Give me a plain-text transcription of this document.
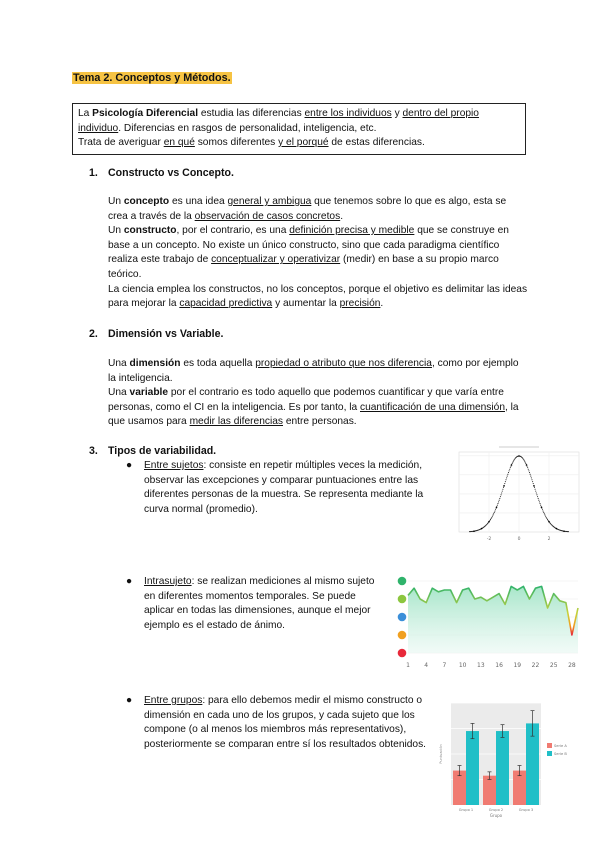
Tema 2. Conceptos y Métodos.
La Psicología Diferencial estudia las diferencias entre los individuos y dentro del propio individuo. Diferencias en rasgos de personalidad, inteligencia, etc.
Trata de averiguar en qué somos diferentes y el porqué de estas diferencias.
1. Constructo vs Concepto.
Un concepto es una idea general y ambigua que tenemos sobre lo que es algo, esta se crea a través de la observación de casos concretos.
Un constructo, por el contrario, es una definición precisa y medible que se construye en base a un concepto. No existe un único constructo, sino que cada paradigma científico realiza este trabajo de conceptualizar y operativizar (medir) en base a su propio marco teórico.
La ciencia emplea los constructos, no los conceptos, porque el objetivo es delimitar las ideas para mejorar la capacidad predictiva y aumentar la precisión.
2. Dimensión vs Variable.
Una dimensión es toda aquella propiedad o atributo que nos diferencia, como por ejemplo la inteligencia.
Una variable por el contrario es todo aquello que podemos cuantificar y que varía entre personas, como el CI en la inteligencia. Es por tanto, la cuantificación de una dimensión, la que usamos para medir las diferencias entre personas.
3. Tipos de variabilidad.
● Entre sujetos: consiste en repetir múltiples veces la medición, observar las excepciones y comparar puntuaciones entre las diferentes personas de la muestra. Se representa mediante la curva normal (promedio).
● Intrasujeto: se realizan mediciones al mismo sujeto en diferentes momentos temporales. Se puede aplicar en todas las dimensiones, aunque el mejor ejemplo es el estado de ánimo.
● Entre grupos: para ello debemos medir el mismo constructo o dimensión en cada uno de los grupos, y cada sujeto que los compone (o al menos los miembros más representativos), posteriormente se comparan entre sí los resultados obtenidos.
-2	0	2
1 4 7 10 13 16 19 22 25 28
Puntuación
Grupo 1	Grupo 2	Grupo 3
Grupo
Serie A
Serie B
